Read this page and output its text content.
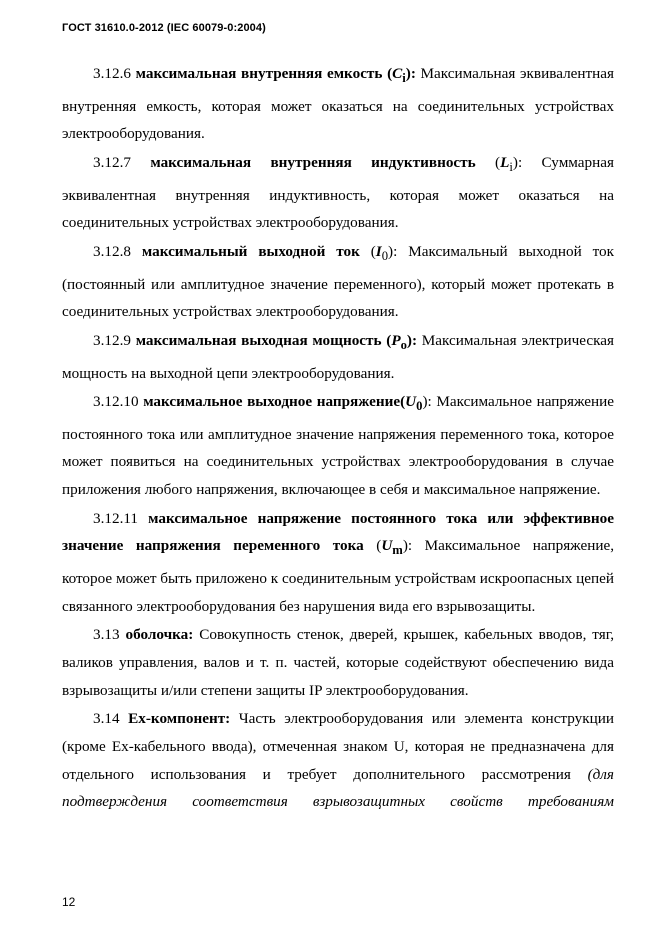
ГОСТ 31610.0-2012 (IEC 60079-0:2004)

3.12.6 максимальная внутренняя емкость $(C_i)$: Максимальная эквивалентная внутренняя емкость, которая может оказаться на соединительных устройствах электрооборудования.

3.12.7 максимальная внутренняя индуктивность $(L_i)$: Суммарная эквивалентная внутренняя индуктивность, которая может оказаться на соединительных устройствах электрооборудования.

3.12.8 максимальный выходной ток $(I_0)$: Максимальный выходной ток (постоянный или амплитудное значение переменного), который может протекать в соединительных устройствах электрооборудования.

3.12.9 максимальная выходная мощность $(P_o)$: Максимальная электрическая мощность на выходной цепи электрооборудования.

3.12.10 максимальное выходное $напряжение(U_0)$: Максимальное напряжение постоянного тока или амплитудное значение напряжения переменного тока, которое может появиться на соединительных устройствах электрооборудования в случае приложения любого напряжения, включающее в себя и максимальное напряжение.

3.12.11 максимальное напряжение постоянного тока или эффективное значение напряжения переменного тока $(U_m)$: Максимальное напряжение, которое может быть приложено к соединительным устройствам искроопасных цепей связанного электрооборудования без нарушения вида его взрывозащиты.

3.13 оболочка: Совокупность стенок, дверей, крышек, кабельных вводов, тяг, валиков управления, валов и т. п. частей, которые содействуют обеспечению вида взрывозащиты и/или степени защиты IP электрооборудования.

3.14 Ex-компонент: Часть электрооборудования или элемента конструкции (кроме Ex-кабельного ввода), отмеченная знаком U, которая не предназначена для отдельного использования и требует дополнительного рассмотрения (для подтверждения соответствия взрывозащитных свойств требованиям

12
